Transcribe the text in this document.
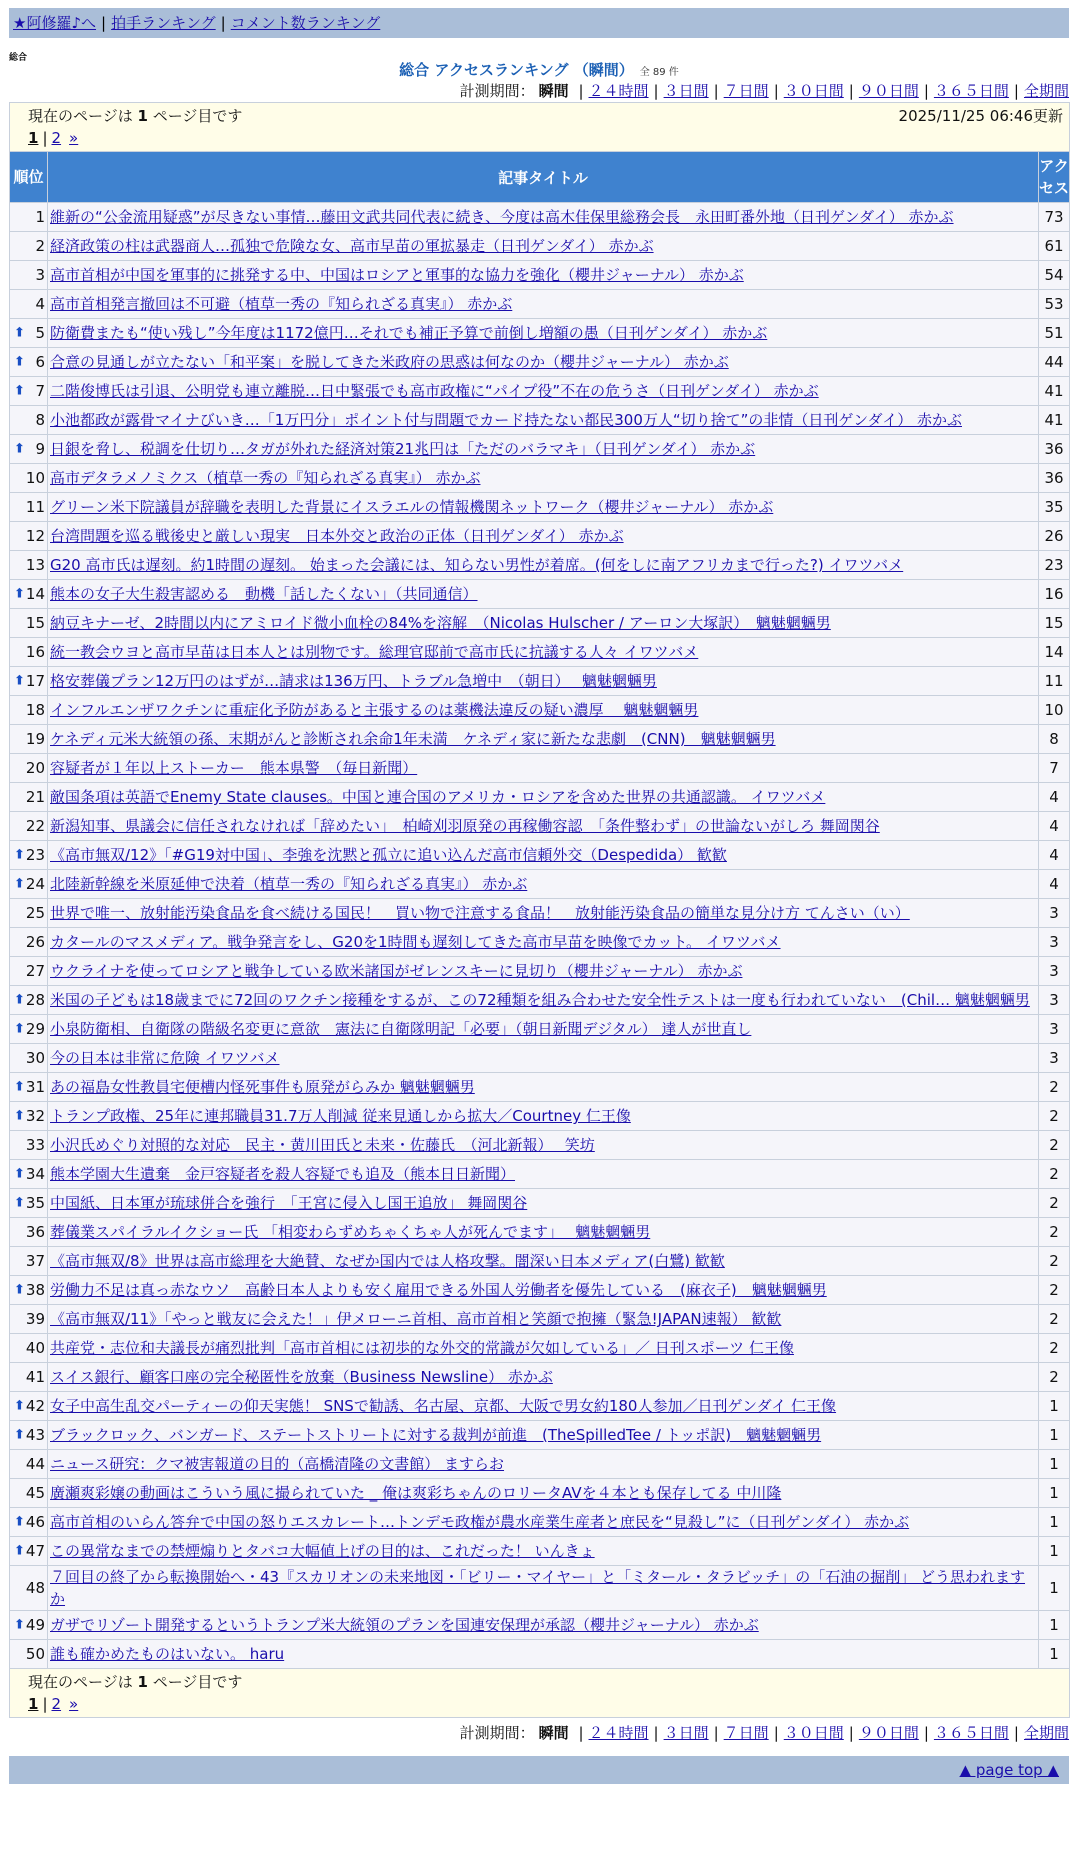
★阿修羅♪へ | 拍手ランキング | コメント数ランキング
総合
総合 アクセスランキング （瞬間） 全 89 件
計測期間： 瞬間 | ２４時間 | ３日間 | ７日間 | ３０日間 | ９０日間 | ３６５日間 | 全期間
現在のページは 1 ページ目です 2025/11/25 06:46更新
1 | 2 »		

順位	記事タイトル	アクセス
1	維新の“公金流用疑惑”が尽きない事情…藤田文武共同代表に続き、今度は高木佳保里総務会長　永田町番外地（日刊ゲンダイ） 赤かぶ	73
2	経済政策の柱は武器商人…孤独で危険な女、高市早苗の軍拡暴走（日刊ゲンダイ） 赤かぶ	61
3	高市首相が中国を軍事的に挑発する中、中国はロシアと軍事的な協力を強化（櫻井ジャーナル） 赤かぶ	54
4	高市首相発言撤回は不可避（植草一秀の『知られざる真実』） 赤かぶ	53

⬆ 5	防衛費またも“使い残し”今年度は1172億円…それでも補正予算で前倒し増額の愚（日刊ゲンダイ） 赤かぶ	51

⬆ 6	合意の見通しが立たない「和平案」を脱してきた米政府の思惑は何なのか（櫻井ジャーナル） 赤かぶ	44

⬆ 7	二階俊博氏は引退、公明党も連立離脱…日中緊張でも高市政権に“パイプ役”不在の危うさ（日刊ゲンダイ） 赤かぶ	41
8	小池都政が露骨マイナびいき…「1万円分」ポイント付与問題でカード持たない都民300万人“切り捨て”の非情（日刊ゲンダイ） 赤かぶ	41

⬆ 9	日銀を脅し、税調を仕切り…タガが外れた経済対策21兆円は「ただのバラマキ」（日刊ゲンダイ） 赤かぶ	36
10	高市デタラメノミクス（植草一秀の『知られざる真実』） 赤かぶ	36
11	グリーン米下院議員が辞職を表明した背景にイスラエルの情報機関ネットワーク（櫻井ジャーナル） 赤かぶ	35
12	台湾問題を巡る戦後史と厳しい現実　日本外交と政治の正体（日刊ゲンダイ） 赤かぶ	26
13	G20 高市氏は遅刻。約1時間の遅刻。 始まった会議には、知らない男性が着席。(何をしに南アフリカまで行った?) イワツバメ	23

⬆ 14	熊本の女子大生殺害認める　動機「話したくない」（共同通信）	16
15	納豆キナーゼ、2時間以内にアミロイド微小血栓の84%を溶解　（Nicolas Hulscher / アーロン大塚訳）　魑魅魍魎男	15
16	統一教会ウヨと高市早苗は日本人とは別物です。総理官邸前で高市氏に抗議する人々 イワツバメ	14

⬆ 17	格安葬儀プラン12万円のはずが…請求は136万円、トラブル急増中　（朝日）　 魑魅魍魎男	11
18	インフルエンザワクチンに重症化予防があると主張するのは薬機法違反の疑い濃厚　 魑魅魍魎男	10
19	ケネディ元米大統領の孫、末期がんと診断され余命1年未満　ケネディ家に新たな悲劇　(CNN)　魑魅魍魎男	8
20	容疑者が１年以上ストーカー　熊本県警　（毎日新聞）	7
21	敵国条項は英語でEnemy State clauses。中国と連合国のアメリカ・ロシアを含めた世界の共通認識。 イワツバメ	4
22	新潟知事、県議会に信任されなければ「辞めたい」　柏崎刈羽原発の再稼働容認　「条件整わず」の世論ないがしろ 舞岡関谷	4

⬆ 23	《高市無双/12》「#G19対中国」、李強を沈黙と孤立に追い込んだ高市信頼外交（Despedida） 歓歓	4

⬆ 24	北陸新幹線を米原延伸で決着（植草一秀の『知られざる真実』） 赤かぶ	4
25	世界で唯一、放射能汚染食品を食べ続ける国民！　買い物で注意する食品！　放射能汚染食品の簡単な見分け方 てんさい（い）	3
26	カタールのマスメディア。戦争発言をし、G20を1時間も遅刻してきた高市早苗を映像でカット。 イワツバメ	3
27	ウクライナを使ってロシアと戦争している欧米諸国がゼレンスキーに見切り（櫻井ジャーナル） 赤かぶ	3

⬆ 28	米国の子どもは18歳までに72回のワクチン接種をするが、この72種類を組み合わせた安全性テストは一度も行われていない　(Chil… 魑魅魍魎男	3

⬆ 29	小泉防衛相、自衛隊の階級名変更に意欲　憲法に自衛隊明記「必要」（朝日新聞デジタル） 達人が世直し	3
30	今の日本は非常に危険 イワツバメ	3

⬆ 31	あの福島女性教員宅便槽内怪死事件も原発がらみか 魑魅魍魎男	2

⬆ 32	トランプ政権、25年に連邦職員31.7万人削減 従来見通しから拡大／Courtney 仁王像	2
33	小沢氏めぐり対照的な対応　民主・黄川田氏と未来・佐藤氏　（河北新報）　 笑坊	2

⬆ 34	熊本学園大生遺棄　金戸容疑者を殺人容疑でも追及（熊本日日新聞）	2

⬆ 35	中国紙、日本軍が琉球併合を強行　「王宮に侵入し国王追放」 舞岡関谷	2
36	葬儀業スパイラルイクショー氏 「相変わらずめちゃくちゃ人が死んでます」　 魑魅魍魎男	2
37	《高市無双/8》世界は高市総理を大絶賛、なぜか国内では人格攻撃。闇深い日本メディア(白鷺) 歓歓	2

⬆ 38	労働力不足は真っ赤なウソ　高齢日本人よりも安く雇用できる外国人労働者を優先している　(麻衣子)　魑魅魍魎男	2
39	《高市無双/11》「やっと戦友に会えた！」伊メローニ首相、高市首相と笑顔で抱擁（緊急!JAPAN速報） 歓歓	2
40	共産党・志位和夫議長が痛烈批判「高市首相には初歩的な外交的常識が欠如している」／ 日刊スポーツ 仁王像	2
41	スイス銀行、顧客口座の完全秘匿性を放棄（Business Newsline） 赤かぶ	2

⬆ 42	女子中高生乱交パーティーの仰天実態！ SNSで勧誘、名古屋、京都、大阪で男女約180人参加／日刊ゲンダイ 仁王像	1

⬆ 43	ブラックロック、バンガード、ステートストリートに対する裁判が前進　(TheSpilledTee / トッポ訳)　魑魅魍魎男	1
44	ニュース研究：クマ被害報道の目的（高橋清隆の文書館） ますらお	1
45	廣瀬爽彩嬢の動画はこういう風に撮られていた _ 俺は爽彩ちゃんのロリータAVを４本とも保存してる 中川隆	1

⬆ 46	高市首相のいらん答弁で中国の怒りエスカレート…トンデモ政権が農水産業生産者と庶民を“見殺し”に（日刊ゲンダイ） 赤かぶ	1

⬆ 47	この異常なまでの禁煙煽りとタバコ大幅値上げの目的は、これだった！ いんきょ	1
48	７回目の終了から転換開始へ・43『スカリオンの未来地図・「ビリー・マイヤー」と「ミタール・タラビッチ」の「石油の掘削」 どう思われますか	1

⬆ 49	ガザでリゾート開発するというトランプ米大統領のプランを国連安保理が承認（櫻井ジャーナル） 赤かぶ	1
50	誰も確かめたものはいない。 haru	1

現在のページは 1 ページ目です
1 | 2 »		
計測期間： 瞬間 | ２４時間 | ３日間 | ７日間 | ３０日間 | ９０日間 | ３６５日間 | 全期間
▲ page top ▲
